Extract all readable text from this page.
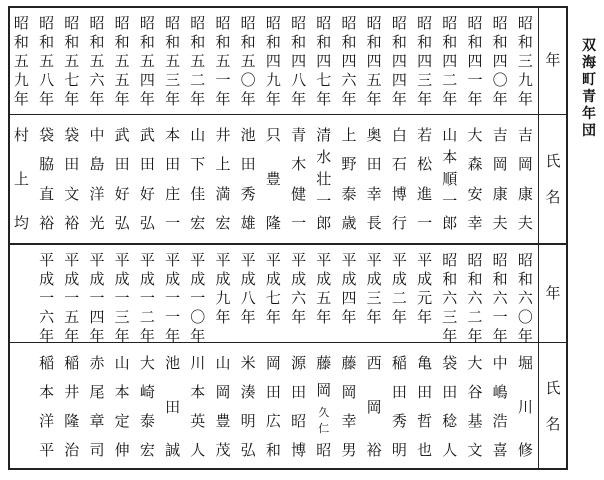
年
氏
名
年
氏
名
昭
和
三
九
年
昭
和
四
〇
年
昭
和
四
一
年
昭
和
四
二
年
昭
和
四
三
年
昭
和
四
四
年
昭
和
四
五
年
昭
和
四
六
年
昭
和
四
七
年
昭
和
四
八
年
昭
和
四
九
年
昭
和
五
〇
年
昭
和
五
一
年
昭
和
五
二
年
昭
和
五
三
年
昭
和
五
四
年
昭
和
五
五
年
昭
和
五
六
年
昭
和
五
七
年
昭
和
五
八
年
昭
和
五
九
年
吉
岡
康
夫
吉
岡
康
夫
大
森
安
幸
山
本
順
一
郎
若
松
進
一
白
石
博
行
奥
田
幸
長
上
野
泰
歳
清
水
壮
一
郎
青
木
健
一
只
豊
隆
池
田
秀
雄
井
上
満
宏
山
下
佳
宏
本
田
庄
一
武
田
好
弘
武
田
好
弘
中
島
洋
光
袋
田
文
裕
袋
脇
直
裕
村
上
均
昭
和
六
〇
年
昭
和
六
一
年
昭
和
六
二
年
昭
和
六
三
年
平
成
元
年
平
成
二
年
平
成
三
年
平
成
四
年
平
成
五
年
平
成
六
年
平
成
七
年
平
成
八
年
平
成
九
年
平
成
一
〇
年
平
成
一
一
年
平
成
一
二
年
平
成
一
三
年
平
成
一
四
年
平
成
一
五
年
平
成
一
六
年
堀
川
修
中
嶋
浩
喜
大
谷
基
文
袋
田
稔
人
亀
田
哲
也
稲
田
秀
明
西
岡
裕
藤
岡
幸
男
藤
岡
久
仁
昭
源
田
昭
博
岡
田
広
和
米
湊
明
弘
山
岡
豊
茂
川
本
英
人
池
田
誠
大
崎
泰
宏
山
本
定
伸
赤
尾
章
司
稲
井
隆
治
稲
本
洋
平
双
海
町
青
年
団
